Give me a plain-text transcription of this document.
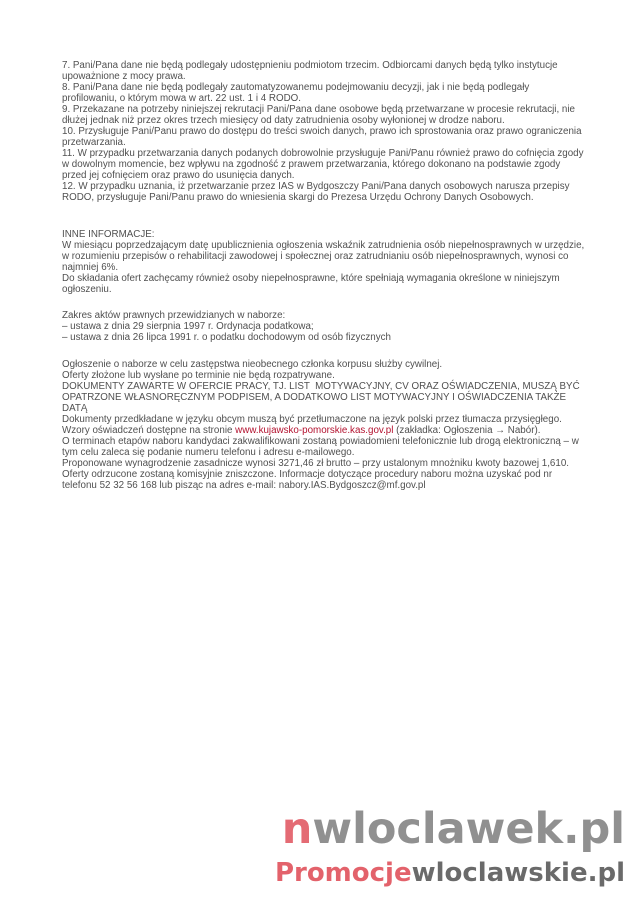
7. Pani/Pana dane nie będą podlegały udostępnieniu podmiotom trzecim. Odbiorcami danych będą tylko instytucje
upoważnione z mocy prawa.
8. Pani/Pana dane nie będą podlegały zautomatyzowanemu podejmowaniu decyzji, jak i nie będą podlegały
profilowaniu, o którym mowa w art. 22 ust. 1 i 4 RODO.
9. Przekazane na potrzeby niniejszej rekrutacji Pani/Pana dane osobowe będą przetwarzane w procesie rekrutacji, nie
dłużej jednak niż przez okres trzech miesięcy od daty zatrudnienia osoby wyłonionej w drodze naboru.
10. Przysługuje Pani/Panu prawo do dostępu do treści swoich danych, prawo ich sprostowania oraz prawo ograniczenia
przetwarzania.
11. W przypadku przetwarzania danych podanych dobrowolnie przysługuje Pani/Panu również prawo do cofnięcia zgody
w dowolnym momencie, bez wpływu na zgodność z prawem przetwarzania, którego dokonano na podstawie zgody
przed jej cofnięciem oraz prawo do usunięcia danych.
12. W przypadku uznania, iż przetwarzanie przez IAS w Bydgoszczy Pani/Pana danych osobowych narusza przepisy
RODO, przysługuje Pani/Panu prawo do wniesienia skargi do Prezesa Urzędu Ochrony Danych Osobowych.
INNE INFORMACJE:
W miesiącu poprzedzającym datę upublicznienia ogłoszenia wskaźnik zatrudnienia osób niepełnosprawnych w urzędzie,
w rozumieniu przepisów o rehabilitacji zawodowej i społecznej oraz zatrudnianiu osób niepełnosprawnych, wynosi co
najmniej 6%.
Do składania ofert zachęcamy również osoby niepełnosprawne, które spełniają wymagania określone w niniejszym
ogłoszeniu.
Zakres aktów prawnych przewidzianych w naborze:
– ustawa z dnia 29 sierpnia 1997 r. Ordynacja podatkowa;
– ustawa z dnia 26 lipca 1991 r. o podatku dochodowym od osób fizycznych
Ogłoszenie o naborze w celu zastępstwa nieobecnego członka korpusu służby cywilnej.
Oferty złożone lub wysłane po terminie nie będą rozpatrywane.
DOKUMENTY ZAWARTE W OFERCIE PRACY, TJ. LIST  MOTYWACYJNY, CV ORAZ OŚWIADCZENIA, MUSZĄ BYĆ
OPATRZONE WŁASNORĘCZNYM PODPISEM, A DODATKOWO LIST MOTYWACYJNY I OŚWIADCZENIA TAKŻE
DATĄ
Dokumenty przedkładane w języku obcym muszą być przetłumaczone na język polski przez tłumacza przysięgłego.
Wzory oświadczeń dostępne na stronie www.kujawsko-pomorskie.kas.gov.pl (zakładka: Ogłoszenia → Nabór).
O terminach etapów naboru kandydaci zakwalifikowani zostaną powiadomieni telefonicznie lub drogą elektroniczną – w
tym celu zaleca się podanie numeru telefonu i adresu e-mailowego.
Proponowane wynagrodzenie zasadnicze wynosi 3271,46 zł brutto – przy ustalonym mnożniku kwoty bazowej 1,610.
Oferty odrzucone zostaną komisyjnie zniszczone. Informacje dotyczące procedury naboru można uzyskać pod nr
telefonu 52 32 56 168 lub pisząc na adres e-mail: nabory.IAS.Bydgoszcz@mf.gov.pl
nwloclawek.pl
Promocjewloclawskie.pl
